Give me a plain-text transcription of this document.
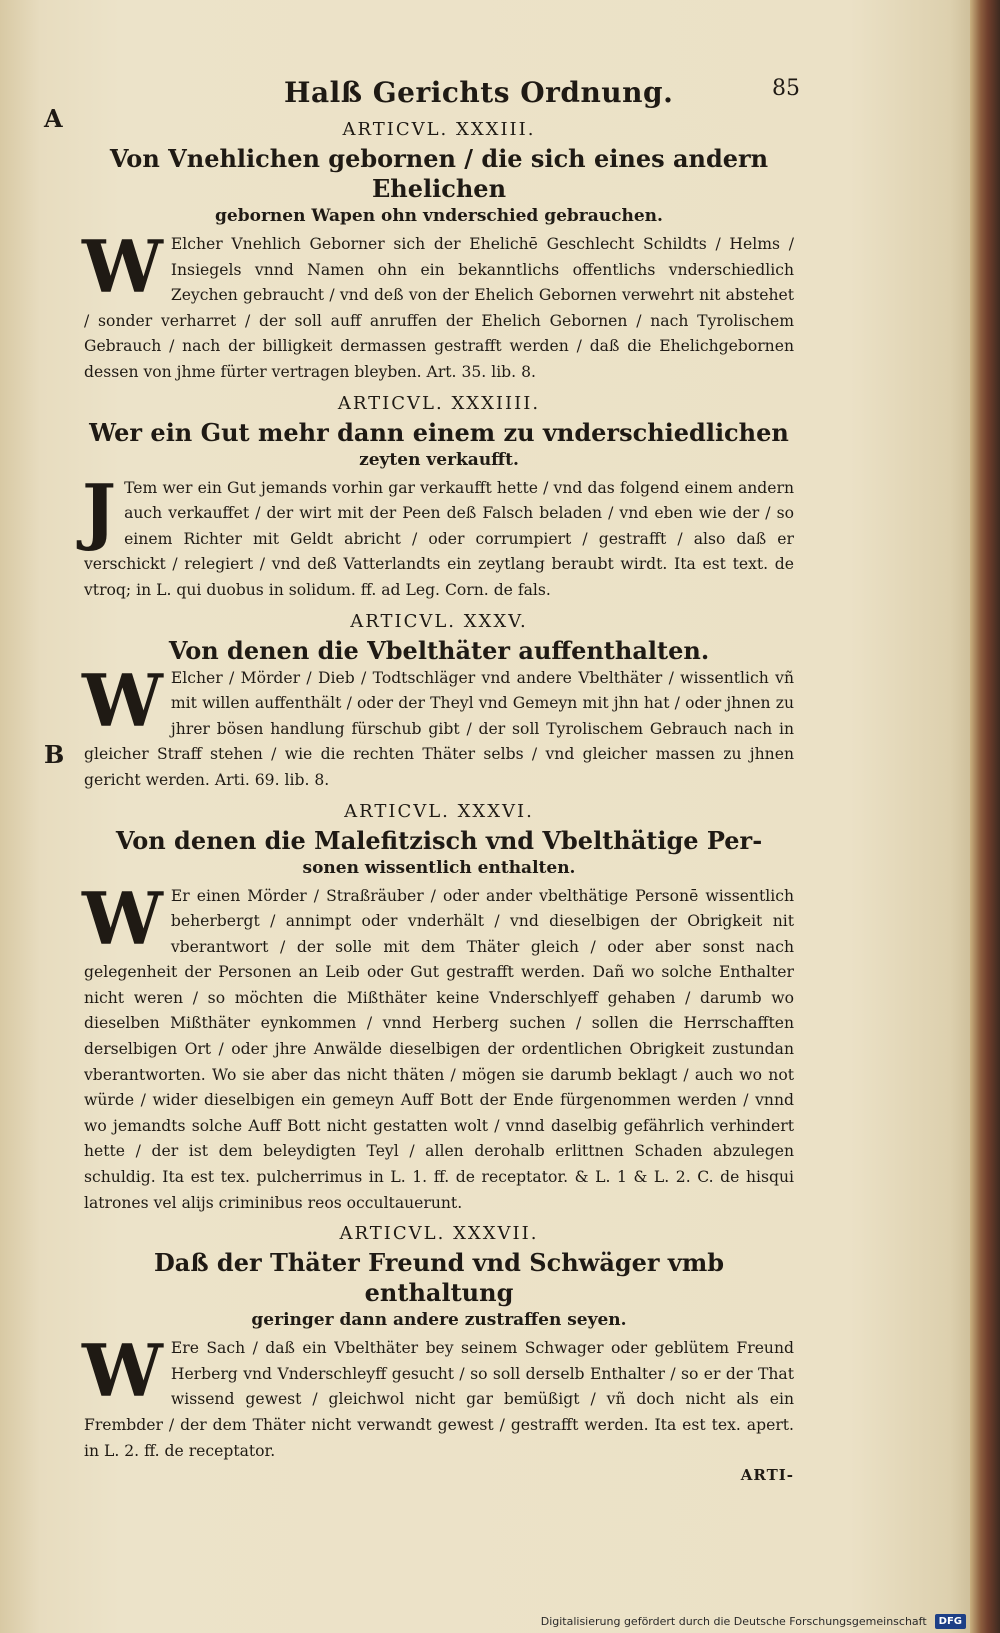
A
B
Halß Gerichts Ordnung.	85
ARTICVL. XXXIII.
Von Vnehlichen gebornen / die sich eines andern Ehelichen
gebornen Wapen ohn vnderschied gebrauchen.

W Elcher Vnehlich Geborner sich der Ehelichē Geschlecht Schildts / Helms / Insiegels vnnd Namen ohn ein bekanntlichs offentlichs vnderschiedlich Zeychen gebraucht / vnd deß von der Ehelich Gebornen verwehrt nit abstehet / sonder verharret / der soll auff anruffen der Ehelich Gebornen / nach Tyrolischem Gebrauch / nach der billigkeit dermassen gestrafft werden / daß die Ehelichgebornen dessen von jhme fürter vertragen bleyben. Art. 35. lib. 8.

ARTICVL. XXXIIII.
Wer ein Gut mehr dann einem zu vnderschiedlichen
zeyten verkaufft.

J Tem wer ein Gut jemands vorhin gar verkaufft hette / vnd das folgend einem andern auch verkauffet / der wirt mit der Peen deß Falsch beladen / vnd eben wie der / so einem Richter mit Geldt abricht / oder corrumpiert / gestrafft / also daß er verschickt / relegiert / vnd deß Vatterlandts ein zeytlang beraubt wirdt. Ita est text. de vtroq; in L. qui duobus in solidum. ff. ad Leg. Corn. de fals.

ARTICVL. XXXV.
Von denen die Vbelthäter auffenthalten.

W Elcher / Mörder / Dieb / Todtschläger vnd andere Vbelthäter / wissentlich vñ mit willen auffenthält / oder der Theyl vnd Gemeyn mit jhn hat / oder jhnen zu jhrer bösen handlung fürschub gibt / der soll Tyrolischem Gebrauch nach in gleicher Straff stehen / wie die rechten Thäter selbs / vnd gleicher massen zu jhnen gericht werden. Arti. 69. lib. 8.

ARTICVL. XXXVI.
Von denen die Malefitzisch vnd Vbelthätige Per-
sonen wissentlich enthalten.

W Er einen Mörder / Straßräuber / oder ander vbelthätige Personē wissentlich beherbergt / annimpt oder vnderhält / vnd dieselbigen der Obrigkeit nit vberantwort / der solle mit dem Thäter gleich / oder aber sonst nach gelegenheit der Personen an Leib oder Gut gestrafft werden. Dañ wo solche Enthalter nicht weren / so möchten die Mißthäter keine Vnderschlyeff gehaben / darumb wo dieselben Mißthäter eynkommen / vnnd Herberg suchen / sollen die Herrschafften derselbigen Ort / oder jhre Anwälde dieselbigen der ordentlichen Obrigkeit zustundan vberantworten. Wo sie aber das nicht thäten / mögen sie darumb beklagt / auch wo not würde / wider dieselbigen ein gemeyn Auff Bott der Ende fürgenommen werden / vnnd wo jemandts solche Auff Bott nicht gestatten wolt / vnnd daselbig gefährlich verhindert hette / der ist dem beleydigten Teyl / allen derohalb erlittnen Schaden abzulegen schuldig. Ita est tex. pulcherrimus in L. 1. ff. de receptator. & L. 1 & L. 2. C. de hisqui latrones vel alijs criminibus reos occultauerunt.

ARTICVL. XXXVII.
Daß der Thäter Freund vnd Schwäger vmb enthaltung
geringer dann andere zustraffen seyen.

W Ere Sach / daß ein Vbelthäter bey seinem Schwager oder geblütem Freund Herberg vnd Vnderschleyff gesucht / so soll derselb Enthalter / so er der That wissend gewest / gleichwol nicht gar bemüßigt / vñ doch nicht als ein Frembder / der dem Thäter nicht verwandt gewest / gestrafft werden. Ita est tex. apert. in L. 2. ff. de receptator.

ARTI-
Digitalisierung gefördert durch die Deutsche Forschungsgemeinschaft	DFG
